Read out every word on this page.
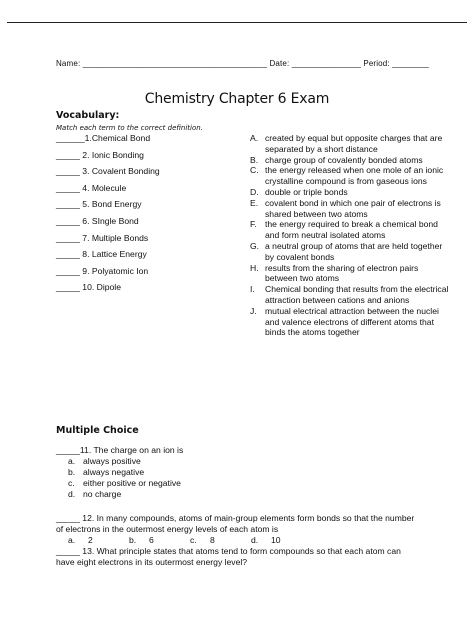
Name: ________________________________________ Date: _______________ Period: ________
Chemistry Chapter 6 Exam
Vocabulary:
Match each term to the correct definition.
______1.Chemical Bond
_____ 2. Ionic Bonding
_____ 3. Covalent Bonding
_____ 4. Molecule
_____ 5. Bond Energy
_____ 6. SIngle Bond
_____ 7. Multiple Bonds
_____ 8. Lattice Energy
_____ 9. Polyatomic Ion
_____ 10. Dipole
A. created by equal but opposite charges that are separated by a short distance
B. charge group of covalently bonded atoms
C. the energy released when one mole of an ionic crystalline compound is from gaseous ions
D. double or triple bonds
E. covalent bond in which one pair of electrons is shared between two atoms
F. the energy required to break a chemical bond and form neutral isolated atoms
G. a neutral group of atoms that are held together by covalent bonds
H. results from the sharing of electron pairs between two atoms
I.	Chemical bonding that results from the electrical attraction between cations and anions
J. mutual electrical attraction between the nuclei and valence electrons of different atoms that binds the atoms together
Multiple Choice
_____11. The charge on an ion is
a. always positive
b. always negative
c. either positive or negative
d. no charge
_____ 12. In many compounds, atoms of main-group elements form bonds so that the number of electrons in the outermost energy levels of each atom is
a.	2	b.	6	c.	8	d.	10
_____ 13. What principle states that atoms tend to form compounds so that each atom can have eight electrons in its outermost energy level?
